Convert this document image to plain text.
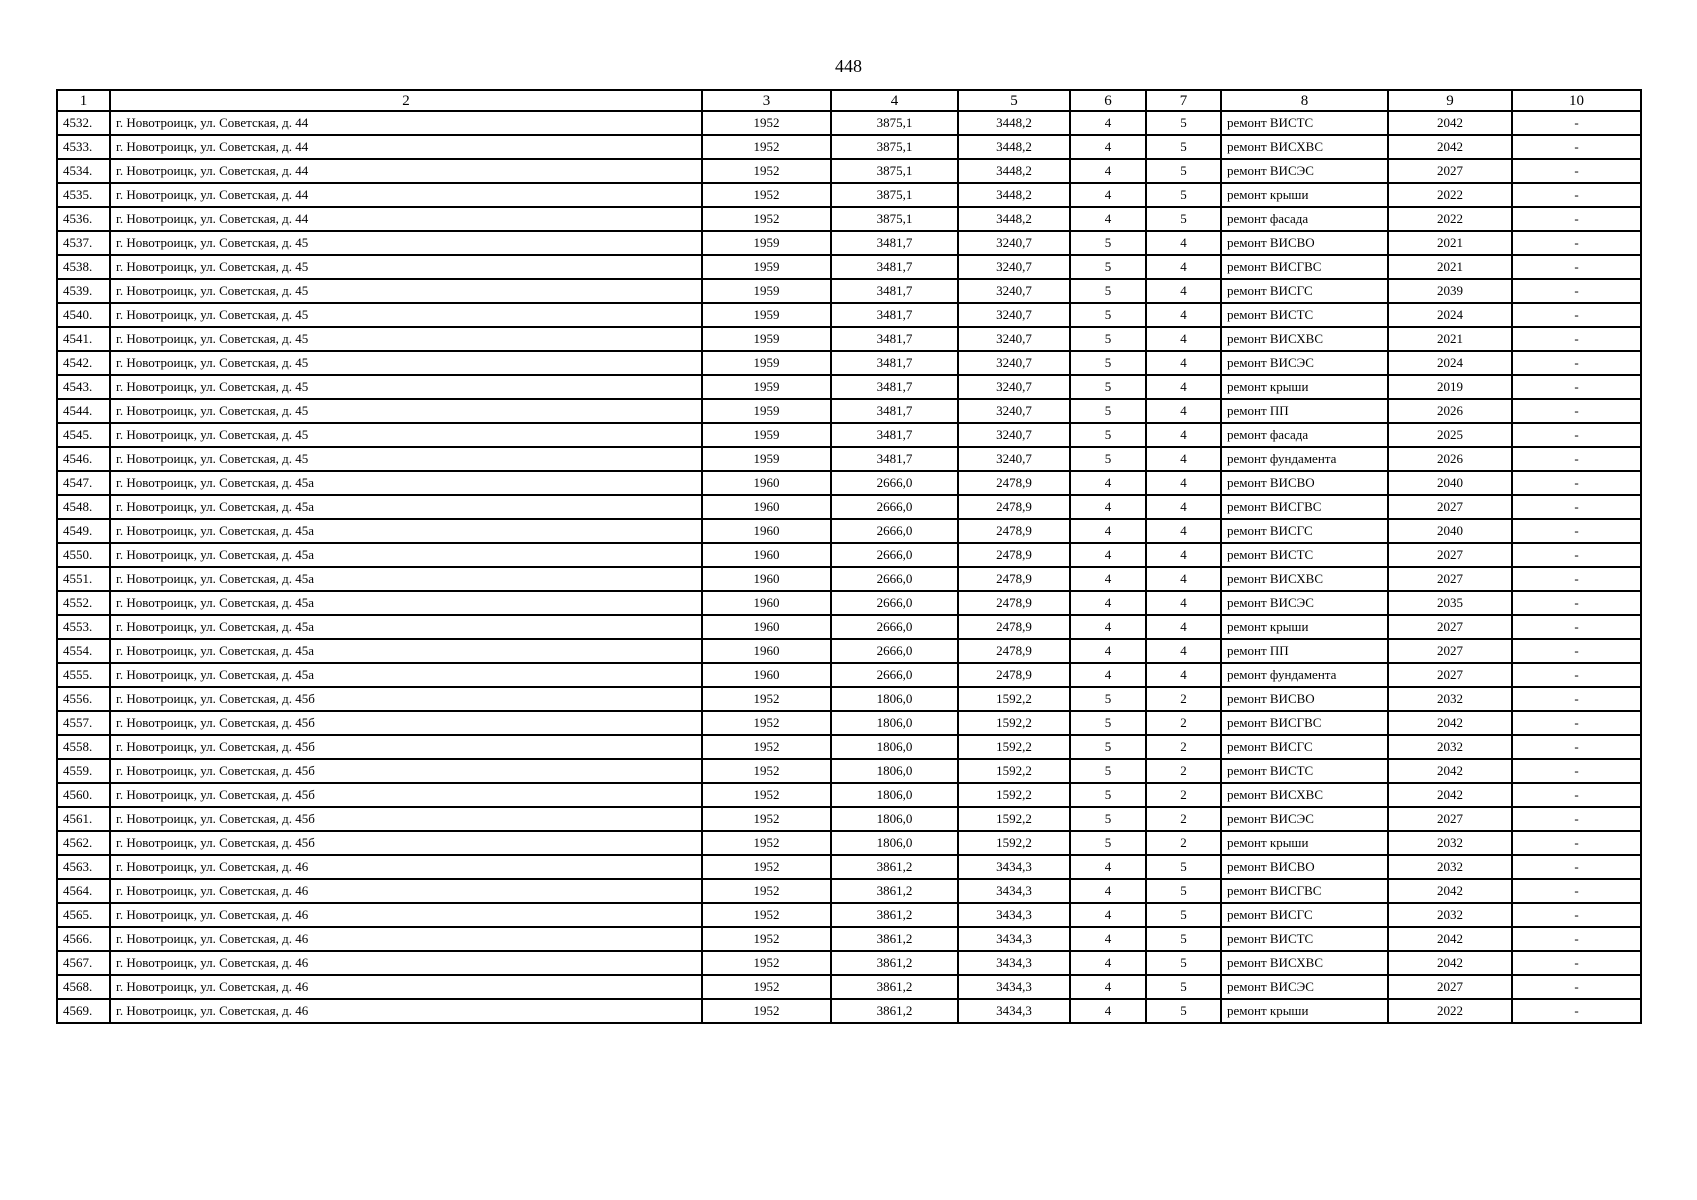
448
1	2	3	4	5	6	7	8	9	10
4532.	г. Новотроицк, ул. Советская, д. 44	1952	3875,1	3448,2	4	5	ремонт ВИСТС	2042	-
4533.	г. Новотроицк, ул. Советская, д. 44	1952	3875,1	3448,2	4	5	ремонт ВИСХВС	2042	-
4534.	г. Новотроицк, ул. Советская, д. 44	1952	3875,1	3448,2	4	5	ремонт ВИСЭС	2027	-
4535.	г. Новотроицк, ул. Советская, д. 44	1952	3875,1	3448,2	4	5	ремонт крыши	2022	-
4536.	г. Новотроицк, ул. Советская, д. 44	1952	3875,1	3448,2	4	5	ремонт фасада	2022	-
4537.	г. Новотроицк, ул. Советская, д. 45	1959	3481,7	3240,7	5	4	ремонт ВИСВО	2021	-
4538.	г. Новотроицк, ул. Советская, д. 45	1959	3481,7	3240,7	5	4	ремонт ВИСГВС	2021	-
4539.	г. Новотроицк, ул. Советская, д. 45	1959	3481,7	3240,7	5	4	ремонт ВИСГС	2039	-
4540.	г. Новотроицк, ул. Советская, д. 45	1959	3481,7	3240,7	5	4	ремонт ВИСТС	2024	-
4541.	г. Новотроицк, ул. Советская, д. 45	1959	3481,7	3240,7	5	4	ремонт ВИСХВС	2021	-
4542.	г. Новотроицк, ул. Советская, д. 45	1959	3481,7	3240,7	5	4	ремонт ВИСЭС	2024	-
4543.	г. Новотроицк, ул. Советская, д. 45	1959	3481,7	3240,7	5	4	ремонт крыши	2019	-
4544.	г. Новотроицк, ул. Советская, д. 45	1959	3481,7	3240,7	5	4	ремонт ПП	2026	-
4545.	г. Новотроицк, ул. Советская, д. 45	1959	3481,7	3240,7	5	4	ремонт фасада	2025	-
4546.	г. Новотроицк, ул. Советская, д. 45	1959	3481,7	3240,7	5	4	ремонт фундамента	2026	-
4547.	г. Новотроицк, ул. Советская, д. 45а	1960	2666,0	2478,9	4	4	ремонт ВИСВО	2040	-
4548.	г. Новотроицк, ул. Советская, д. 45а	1960	2666,0	2478,9	4	4	ремонт ВИСГВС	2027	-
4549.	г. Новотроицк, ул. Советская, д. 45а	1960	2666,0	2478,9	4	4	ремонт ВИСГС	2040	-
4550.	г. Новотроицк, ул. Советская, д. 45а	1960	2666,0	2478,9	4	4	ремонт ВИСТС	2027	-
4551.	г. Новотроицк, ул. Советская, д. 45а	1960	2666,0	2478,9	4	4	ремонт ВИСХВС	2027	-
4552.	г. Новотроицк, ул. Советская, д. 45а	1960	2666,0	2478,9	4	4	ремонт ВИСЭС	2035	-
4553.	г. Новотроицк, ул. Советская, д. 45а	1960	2666,0	2478,9	4	4	ремонт крыши	2027	-
4554.	г. Новотроицк, ул. Советская, д. 45а	1960	2666,0	2478,9	4	4	ремонт ПП	2027	-
4555.	г. Новотроицк, ул. Советская, д. 45а	1960	2666,0	2478,9	4	4	ремонт фундамента	2027	-
4556.	г. Новотроицк, ул. Советская, д. 45б	1952	1806,0	1592,2	5	2	ремонт ВИСВО	2032	-
4557.	г. Новотроицк, ул. Советская, д. 45б	1952	1806,0	1592,2	5	2	ремонт ВИСГВС	2042	-
4558.	г. Новотроицк, ул. Советская, д. 45б	1952	1806,0	1592,2	5	2	ремонт ВИСГС	2032	-
4559.	г. Новотроицк, ул. Советская, д. 45б	1952	1806,0	1592,2	5	2	ремонт ВИСТС	2042	-
4560.	г. Новотроицк, ул. Советская, д. 45б	1952	1806,0	1592,2	5	2	ремонт ВИСХВС	2042	-
4561.	г. Новотроицк, ул. Советская, д. 45б	1952	1806,0	1592,2	5	2	ремонт ВИСЭС	2027	-
4562.	г. Новотроицк, ул. Советская, д. 45б	1952	1806,0	1592,2	5	2	ремонт крыши	2032	-
4563.	г. Новотроицк, ул. Советская, д. 46	1952	3861,2	3434,3	4	5	ремонт ВИСВО	2032	-
4564.	г. Новотроицк, ул. Советская, д. 46	1952	3861,2	3434,3	4	5	ремонт ВИСГВС	2042	-
4565.	г. Новотроицк, ул. Советская, д. 46	1952	3861,2	3434,3	4	5	ремонт ВИСГС	2032	-
4566.	г. Новотроицк, ул. Советская, д. 46	1952	3861,2	3434,3	4	5	ремонт ВИСТС	2042	-
4567.	г. Новотроицк, ул. Советская, д. 46	1952	3861,2	3434,3	4	5	ремонт ВИСХВС	2042	-
4568.	г. Новотроицк, ул. Советская, д. 46	1952	3861,2	3434,3	4	5	ремонт ВИСЭС	2027	-
4569.	г. Новотроицк, ул. Советская, д. 46	1952	3861,2	3434,3	4	5	ремонт крыши	2022	-
